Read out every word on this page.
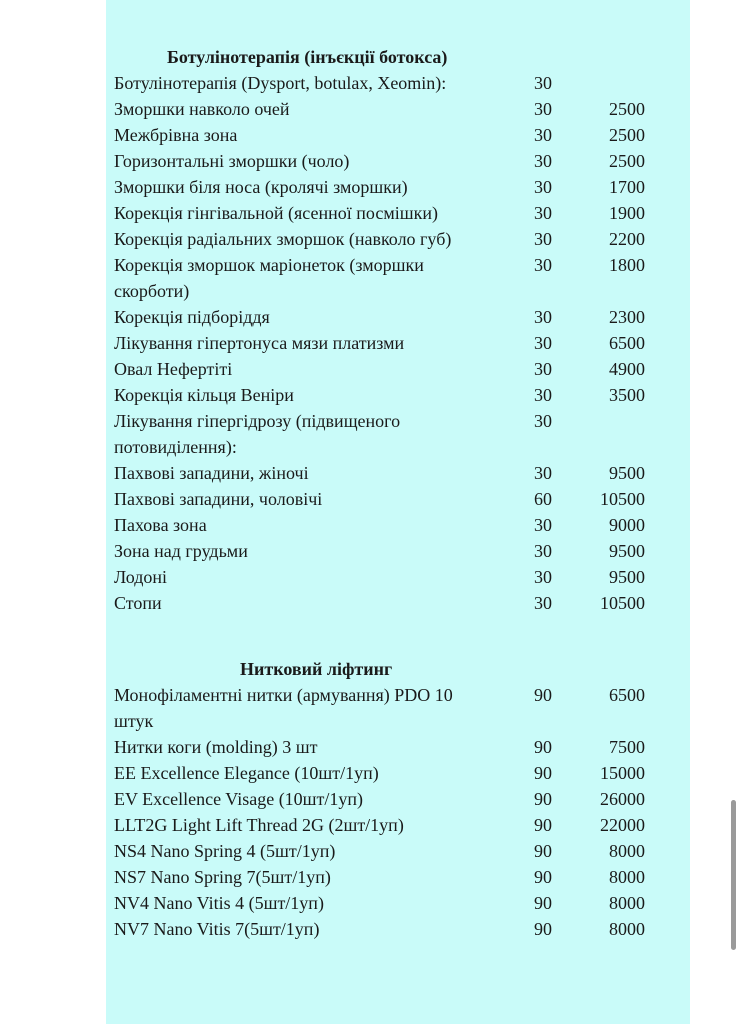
Ботулінотерапія (інъєкції ботокса)
Ботулінотерапія (Dysport, botulax, Xeomin):	30
Зморшки навколо очей	30	2500
Межбрівна зона	30	2500
Горизонтальні зморшки (чоло)	30	2500
Зморшки біля носа (кролячі зморшки)	30	1700
Корекція гінгівальной (ясенної посмішки)	30	1900
Корекція радіальних зморшок (навколо губ)	30	2200
Корекція зморшок маріонеток (зморшки
скорботи)
30	1800
Корекція підборіддя	30	2300
Лікування гіпертонуса мязи платизми	30	6500
Овал Нефертіті	30	4900
Корекція кільця Веніри	30	3500
Лікування гіпергідрозу (підвищеного
потовиділення):
30
Пахвові западини, жіночі	30	9500
Пахвові западини, чоловічі	60	10500
Пахова зона	30	9000
Зона над грудьми	30	9500
Лодоні	30	9500
Стопи	30	10500
Нитковий ліфтинг
Монофіламентні нитки (армування) PDO 10
штук
90	6500
Нитки коги (molding) 3 шт	90	7500
EE Excellence Elegance (10шт/1уп)	90	15000
EV Excellence Visage (10шт/1уп)	90	26000
LLT2G Light Lift Thread 2G (2шт/1уп)	90	22000
NS4 Nano Spring 4 (5шт/1уп)	90	8000
NS7 Nano Spring 7(5шт/1уп)	90	8000
NV4 Nano Vitis 4 (5шт/1уп)	90	8000
NV7 Nano Vitis 7(5шт/1уп)	90	8000
